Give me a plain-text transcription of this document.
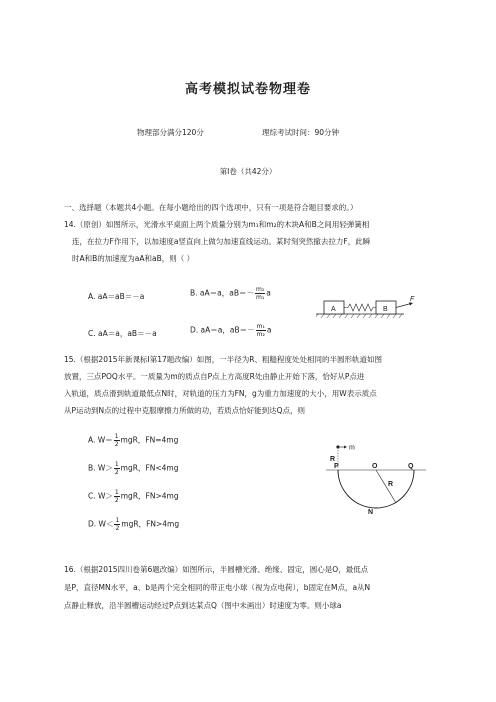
高考模拟试卷物理卷
物理部分满分120分	理综考试时间：90分钟
第Ⅰ卷（共42分）
一、选择题（本题共4小题。在每小题给出的四个选项中，只有一项是符合题目要求的。）
14.（原创）如图所示，光滑水平桌面上两个质量分别为m₁和m₂的木块A和B之间用轻弹簧相
连，在拉力F作用下，以加速度a竖直向上做匀加速直线运动。某时刻突然撤去拉力F，此瞬
时A和B的加速度为aA和aB，则（ ）
A. aA＝aB＝－a	B. aA＝a，$aB=- \frac{\text{m₂}}{\text{m₁}}$ a
C. aA＝a，aB＝－a	D. aA＝a，$aB=- \frac{\text{m₁}}{\text{m₂}}$ a
A	B
F
15.（根据2015年新课标Ⅰ第17题改编）如图，一半径为R、粗糙程度处处相同的半圆形轨道如图
放置，三点POQ水平。一质量为m的质点自P点上方高度R处由静止开始下落，恰好从P点进
入轨道，质点滑到轨道最低点N时，对轨道的压力为FN，g为重力加速度的大小，用W表示质点
从P运动到N点的过程中克服摩擦力所做的功，若质点恰好能到达Q点，则
A. $W= \frac{1}{2}$ mgR，FN=4mg
B. $W> \frac{1}{2}$ mgR，FN<4mg
C. $W> \frac{1}{2}$ mgR，FN>4mg
D. $W< \frac{1}{2}$ mgR，FN>4mg
m
R
P	O	Q
R
N
16.（根据2015四川卷第6题改编）如图所示，半圆槽光滑、绝缘、固定，圆心是O，最低点
是P，直径MN水平，a、b是两个完全相同的带正电小球（视为点电荷），b固定在M点，a从N
点静止释放，沿半圆槽运动经过P点到达某点Q（图中未画出）时速度为零。则小球a
